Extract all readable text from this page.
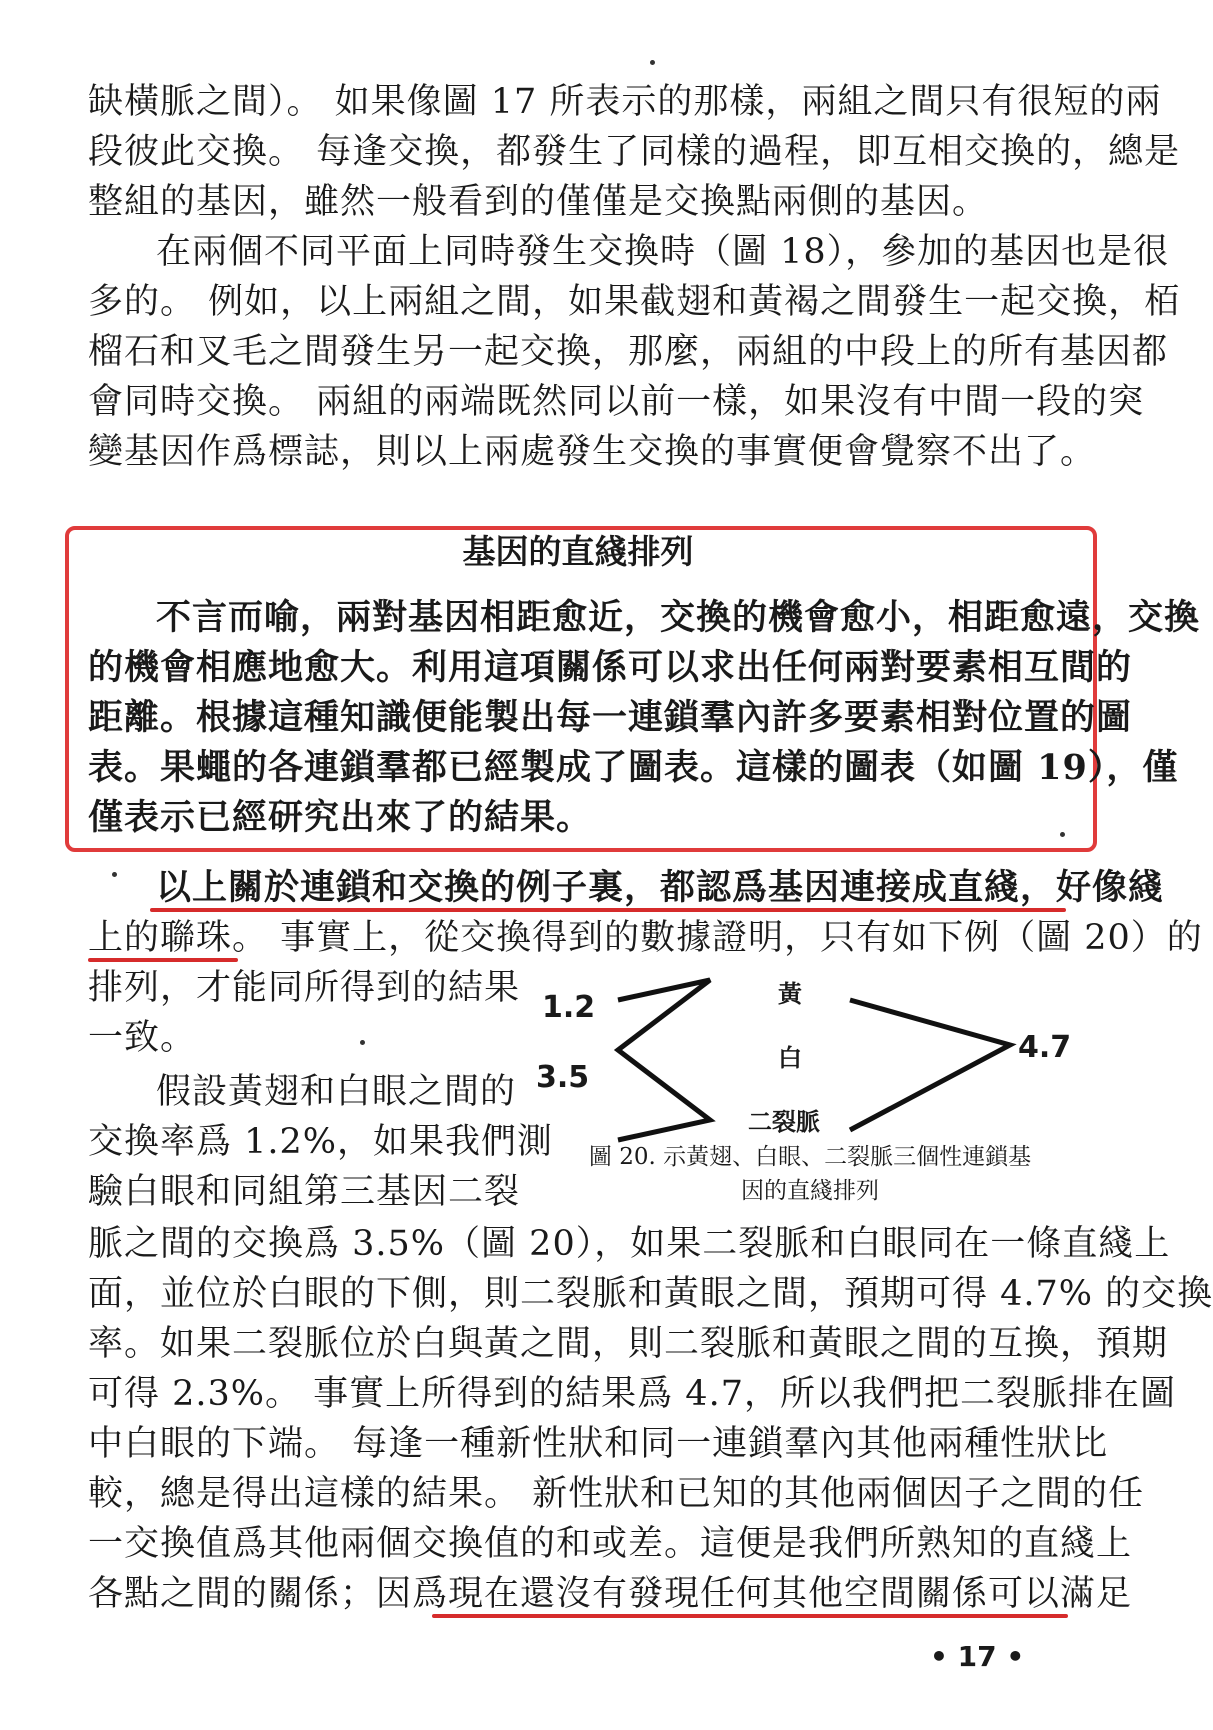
缺橫脈之間）。 如果像圖 17 所表示的那樣，兩組之間只有很短的兩
段彼此交換。 每逢交換，都發生了同樣的過程，即互相交換的，總是
整組的基因，雖然一般看到的僅僅是交換點兩側的基因。
在兩個不同平面上同時發生交換時（圖 18），參加的基因也是很
多的。 例如，以上兩組之間，如果截翅和黃褐之間發生一起交換，栢
榴石和叉毛之間發生另一起交換，那麼，兩組的中段上的所有基因都
會同時交換。 兩組的兩端既然同以前一樣，如果沒有中間一段的突
變基因作爲標誌，則以上兩處發生交換的事實便會覺察不出了。
基因的直綫排列
不言而喻，兩對基因相距愈近，交換的機會愈小，相距愈遠，交換
的機會相應地愈大。利用這項關係可以求出任何兩對要素相互間的
距離。根據這種知識便能製出每一連鎖羣內許多要素相對位置的圖
表。果蠅的各連鎖羣都已經製成了圖表。這樣的圖表（如圖 19），僅
僅表示已經研究出來了的結果。
以上關於連鎖和交換的例子裏，都認爲基因連接成直綫，好像綫
上的聯珠。 事實上，從交換得到的數據證明，只有如下例（圖 20）的
排列，才能同所得到的結果
一致。
假設黃翅和白眼之間的
交換率爲 1.2%，如果我們測
驗白眼和同組第三基因二裂
脈之間的交換爲 3.5%（圖 20），如果二裂脈和白眼同在一條直綫上
面，並位於白眼的下側，則二裂脈和黃眼之間，預期可得 4.7% 的交換
率。如果二裂脈位於白與黃之間，則二裂脈和黃眼之間的互換，預期
可得 2.3%。 事實上所得到的結果爲 4.7，所以我們把二裂脈排在圖
中白眼的下端。 每逢一種新性狀和同一連鎖羣內其他兩種性狀比
較，總是得出這樣的結果。 新性狀和已知的其他兩個因子之間的任
一交換值爲其他兩個交換值的和或差。這便是我們所熟知的直綫上
各點之間的關係；因爲現在還沒有發現任何其他空間關係可以滿足
1.2
3.5
4.7
黃
白
二裂脈
圖 20. 示黃翅、白眼、二裂脈三個性連鎖基
因的直綫排列
• 17 •
